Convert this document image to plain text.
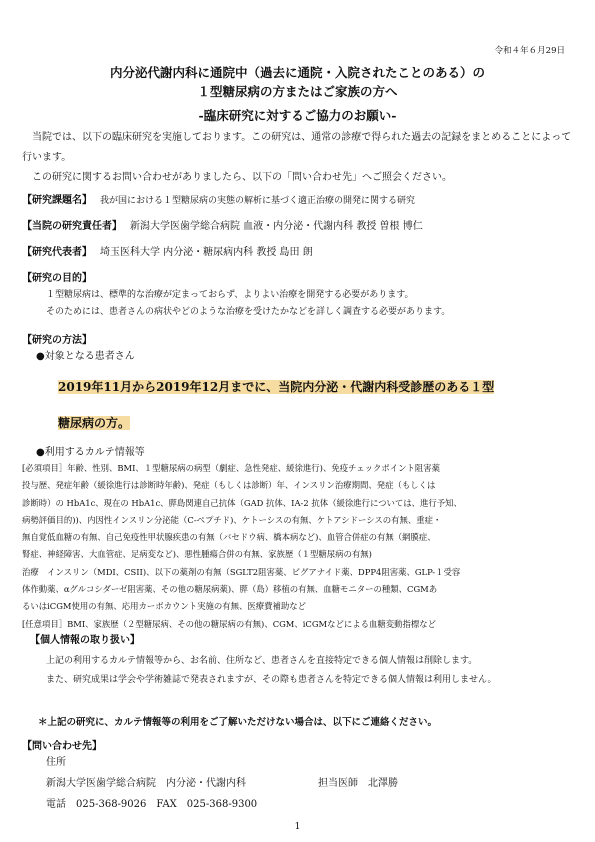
令和４年６月29日
内分泌代謝内科に通院中（過去に通院・入院されたことのある）の
１型糖尿病の方またはご家族の方へ
-臨床研究に対するご協力のお願い-
当院では、以下の臨床研究を実施しております。この研究は、通常の診療で得られた過去の記録をまとめることによって行います。
この研究に関するお問い合わせがありましたら、以下の「問い合わせ先」へご照会ください。
【研究課題名】 我が国における１型糖尿病の実態の解析に基づく適正治療の開発に関する研究
【当院の研究責任者】 新潟大学医歯学総合病院 血液・内分泌・代謝内科 教授 曽根 博仁
【研究代表者】 埼玉医科大学 内分泌・糖尿病内科 教授 島田 朗
【研究の目的】
１型糖尿病は、標準的な治療が定まっておらず、よりよい治療を開発する必要があります。
そのためには、患者さんの病状やどのような治療を受けたかなどを詳しく調査する必要があります。
【研究の方法】
●対象となる患者さん
2019年11月から2019年12月までに、当院内分泌・代謝内科受診歴のある１型
糖尿病の方。
●利用するカルテ情報等
[必須項目］年齢、性別、BMI、１型糖尿病の病型（劇症、急性発症、緩徐進行)、免疫チェックポイント阻害薬
投与歴、発症年齢（緩徐進行は診断時年齢)、発症（もしくは診断）年、インスリン治療期間、発症（もしくは
診断時）の HbA1c、現在の HbA1c、膵島関連自己抗体（GAD 抗体、IA-2 抗体（緩徐進行については、進行予知、
病勢評価目的))、内因性インスリン分泌能（C-ペプチド)、ケトーシスの有無、ケトアシドーシスの有無、重症・
無自覚低血糖の有無、自己免疫性甲状腺疾患の有無（バセドウ病、橋本病など)、血管合併症の有無（網膜症、
腎症、神経障害、大血管症、足病変など)、悪性腫瘍合併の有無、家族歴（１型糖尿病の有無)
治療　インスリン（MDI、CSII)、以下の薬剤の有無（SGLT2阻害薬、ビグアナイド薬、DPP4阻害薬、GLP-１受容
体作動薬、αグルコシダーゼ阻害薬、その他の糖尿病薬)、膵（島）移植の有無、血糖モニターの種類、CGMあ
るいはiCGM使用の有無、応用カーボカウント実施の有無、医療費補助など
[任意項目］BMI、家族歴（２型糖尿病、その他の糖尿病の有無)、CGM、iCGMなどによる血糖変動指標など
【個人情報の取り扱い】
上記の利用するカルテ情報等から、お名前、住所など、患者さんを直接特定できる個人情報は削除します。
また、研究成果は学会や学術雑誌で発表されますが、その際も患者さんを特定できる個人情報は利用しません。
＊上記の研究に、カルテ情報等の利用をご了解いただけない場合は、以下にご連絡ください。
【問い合わせ先】
住所
新潟大学医歯学総合病院　内分泌・代謝内科	担当医師　北澤勝
電話　025-368-9026　FAX　025-368-9300
1
